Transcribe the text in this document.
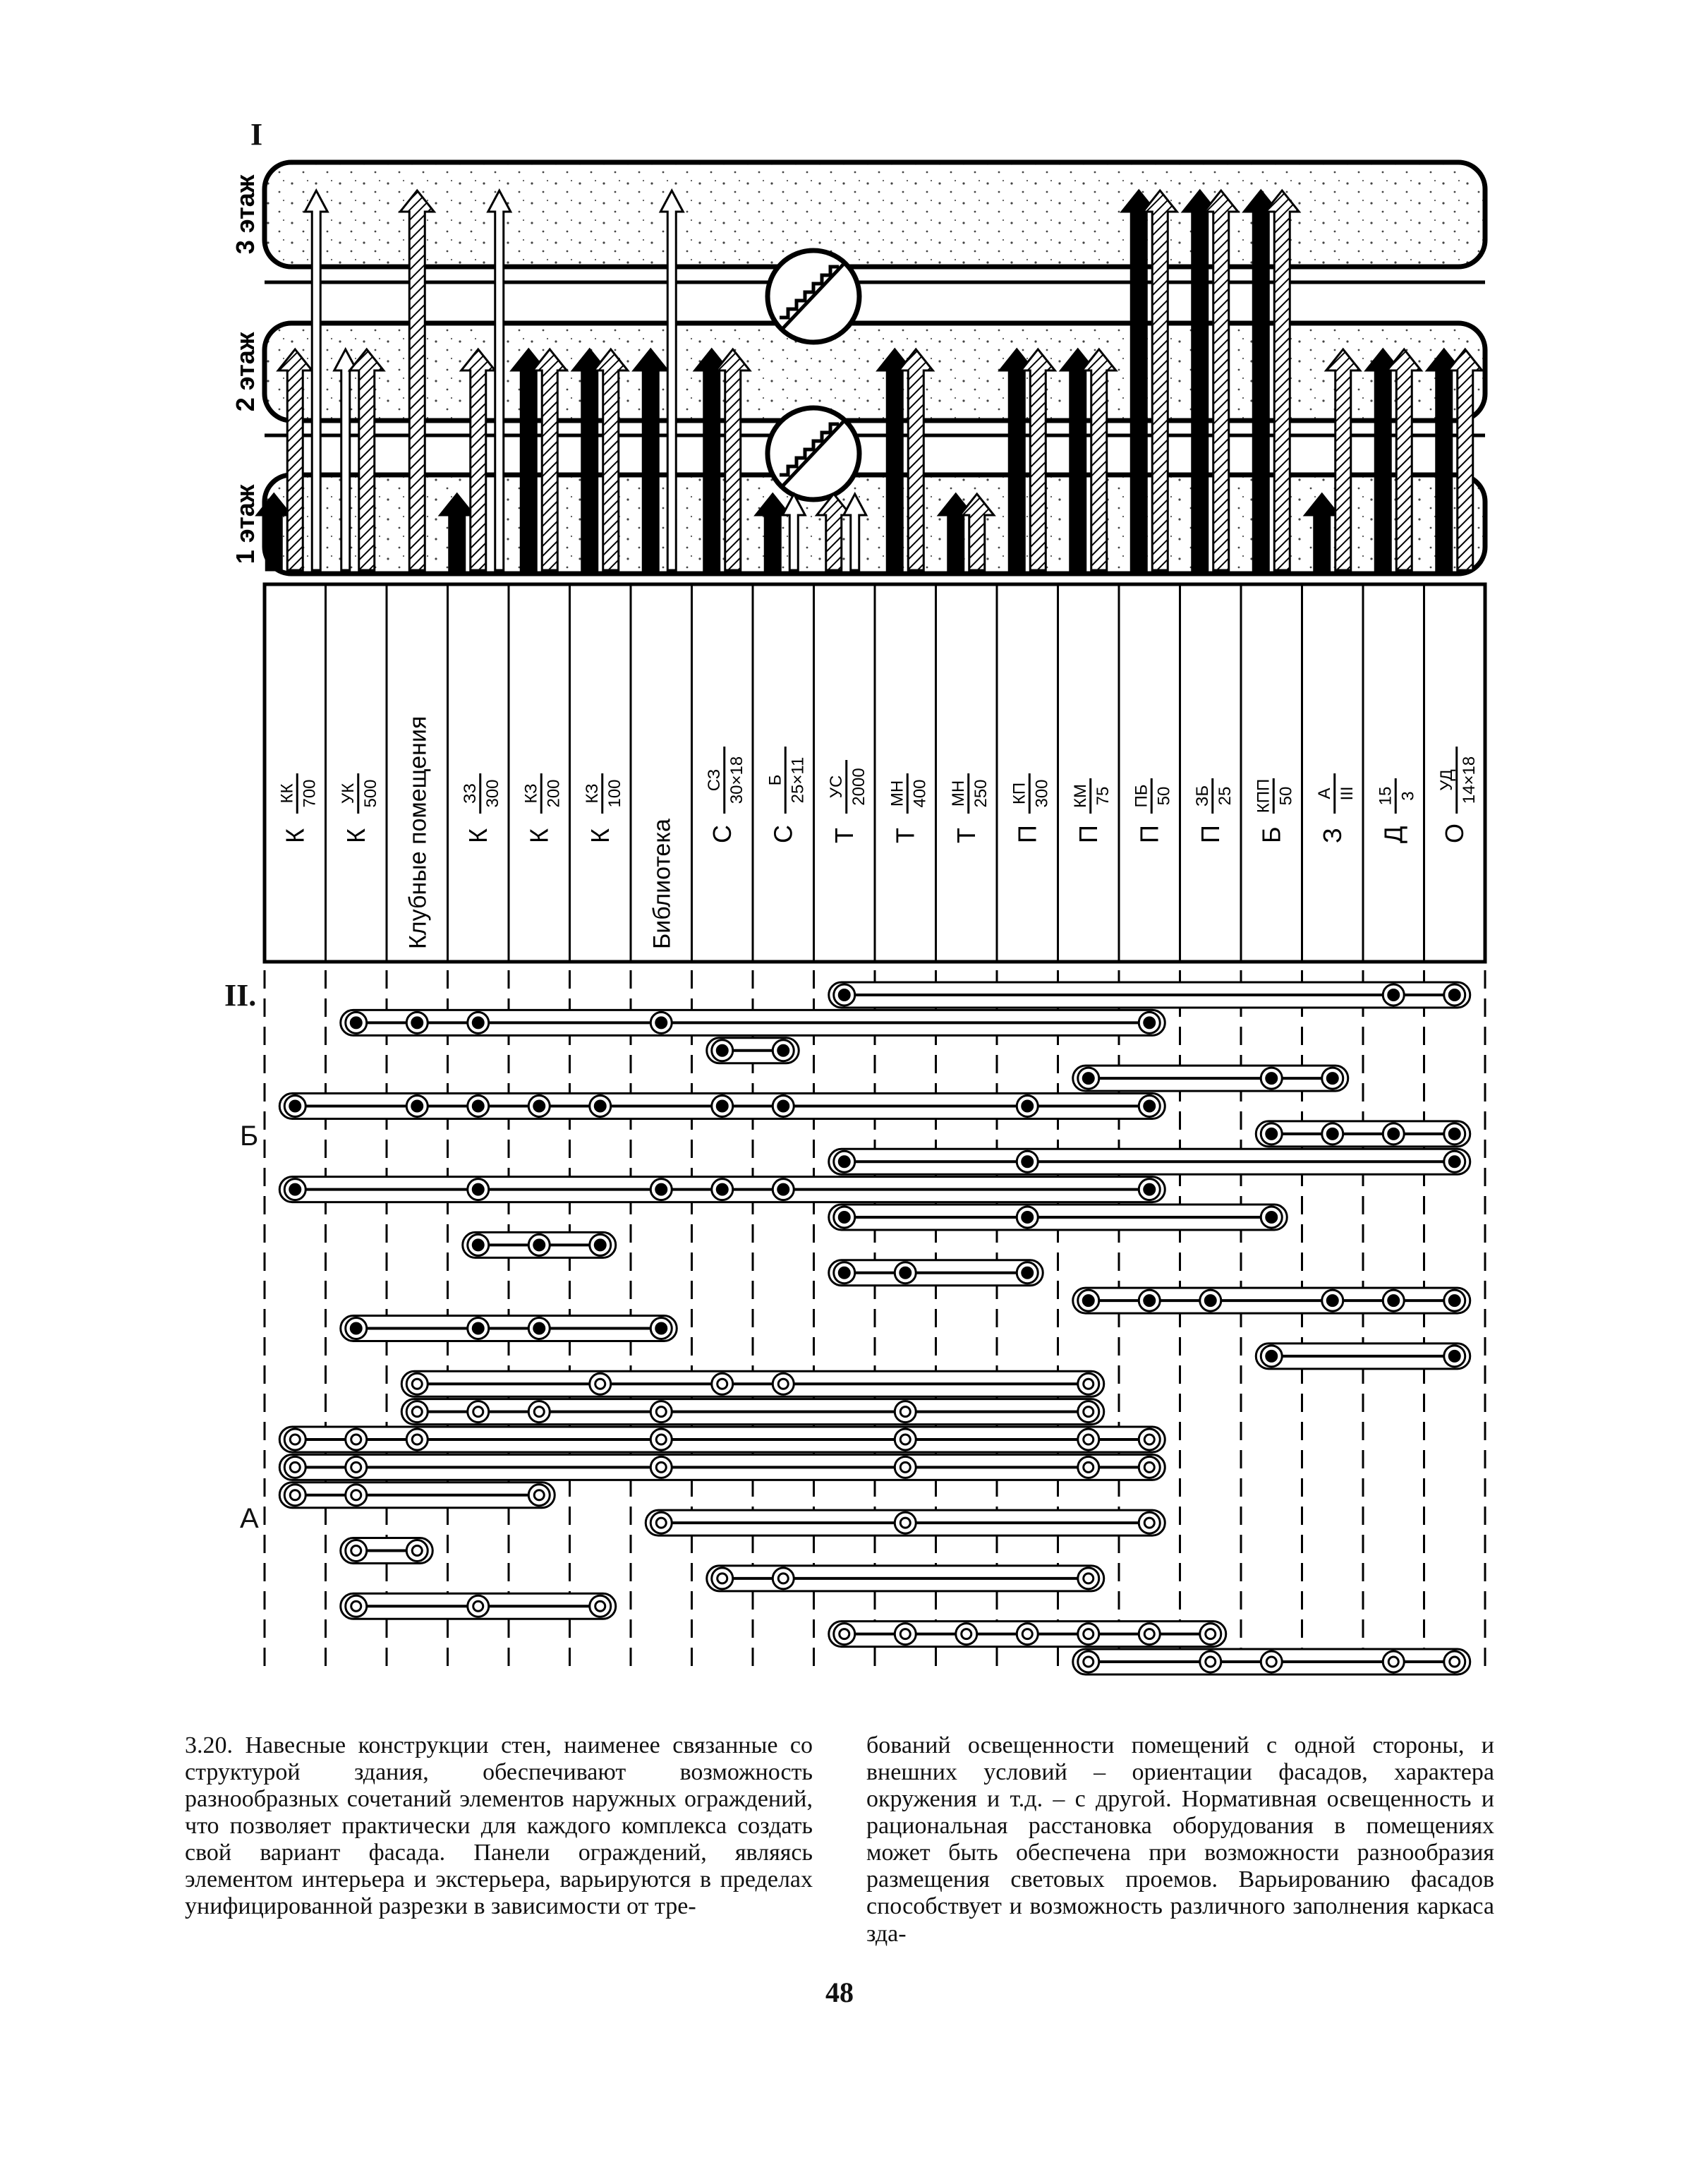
К
КК 700
К
УК 500 Клубные помещения К
ЗЗ 300
К
КЗ 200
К
КЗ 100
Библиотека С
СЗ 30×18
С
Б 25×11
Т
УС 2000
Т
МН 400
Т
МН 250
П
КП 300
П
КМ 75
П
ПБ 50
П
ЗБ 25
Б
КПП 50
З
А III
Д
15 3
О
УД 14×18
3 этаж
2 этаж
1 этаж
I
II.
Б
А
3.20. Навесные конструкции стен, наименее связанные со структурой здания, обеспечивают возможность разнообразных сочетаний элементов наружных ограждений, что позволяет практически для каждого комплекса создать свой вариант фасада. Панели ограждений, являясь элементом интерьера и экстерьера, варьируются в пределах унифицированной разрезки в зависимости от тре-
бований освещенности помещений с одной стороны, и внешних условий – ориентации фасадов, характера окружения и т.д. – с другой. Нормативная освещенность и рациональная расстановка оборудования в помещениях может быть обеспечена при возможности разнообразия размещения световых проемов. Варьированию фасадов способствует и возможность различного заполнения каркаса зда-
48
